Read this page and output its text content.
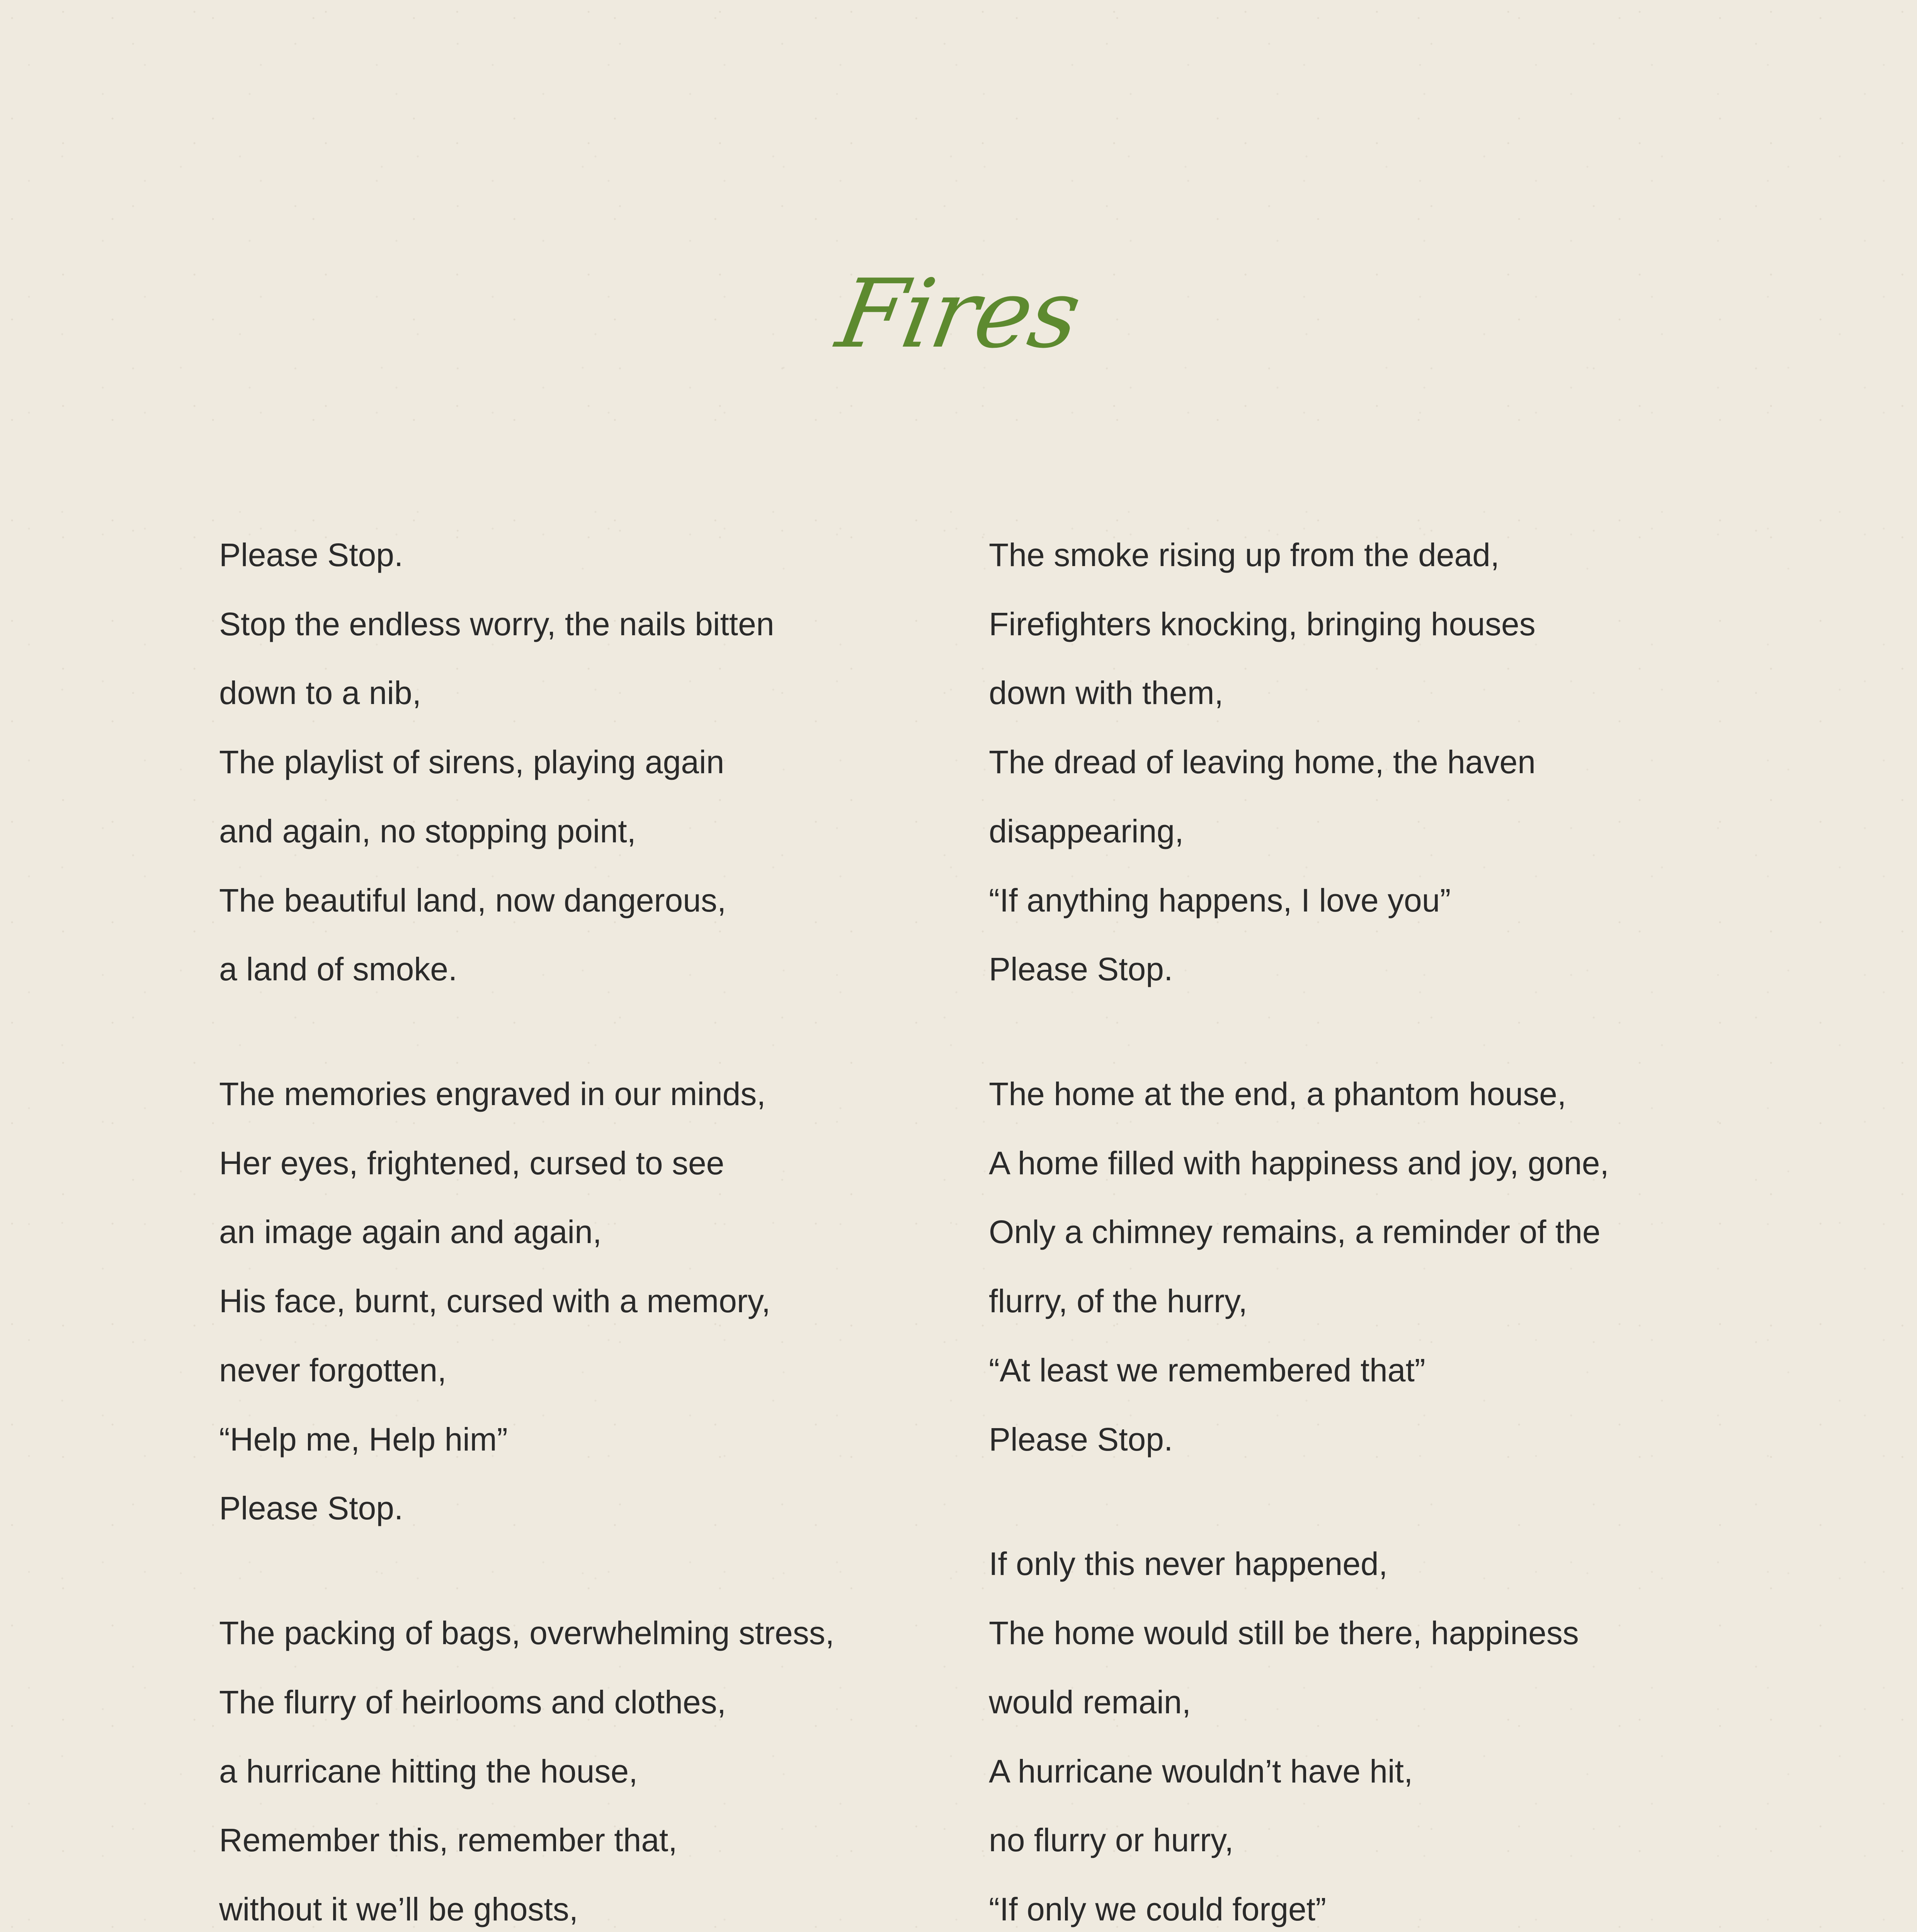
Fires
Please Stop.
Stop the endless worry, the nails bitten
down to a nib,
The playlist of sirens, playing again
and again, no stopping point,
The beautiful land, now dangerous,
a land of smoke.
The memories engraved in our minds,
Her eyes, frightened, cursed to see
an image again and again,
His face, burnt, cursed with a memory,
never forgotten,
“Help me, Help him”
Please Stop.
The packing of bags, overwhelming stress,
The flurry of heirlooms and clothes,
a hurricane hitting the house,
Remember this, remember that,
without it we’ll be ghosts,
The smoke rising up from the dead,
Firefighters knocking, bringing houses
down with them,
The dread of leaving home, the haven
disappearing,
“If anything happens, I love you”
Please Stop.
The home at the end, a phantom house,
A home filled with happiness and joy, gone,
Only a chimney remains, a reminder of the
flurry, of the hurry,
“At least we remembered that”
Please Stop.
If only this never happened,
The home would still be there, happiness
would remain,
A hurricane wouldn’t have hit,
no flurry or hurry,
“If only we could forget”
